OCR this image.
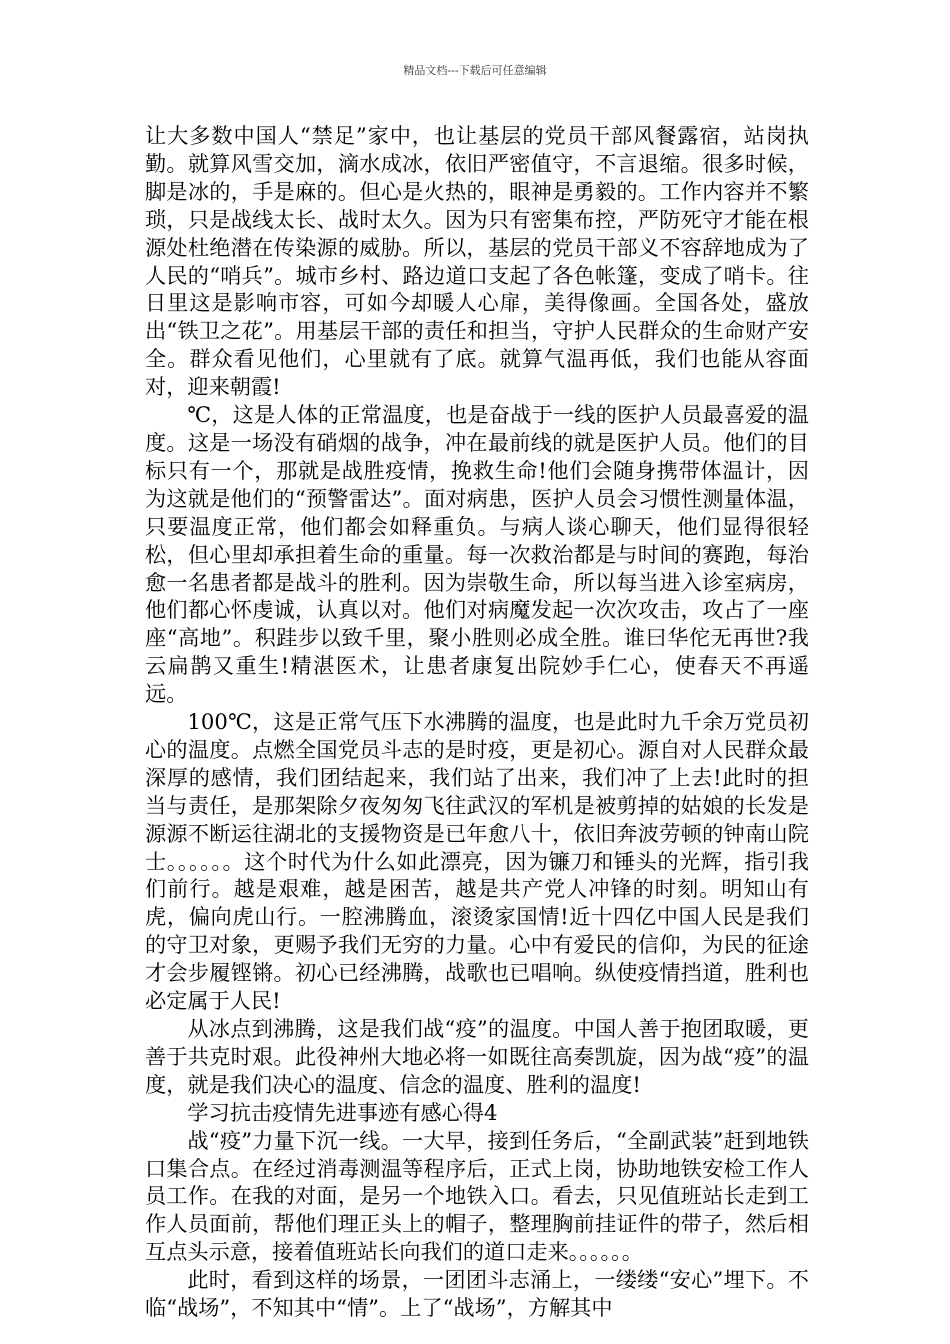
精品文档---下载后可任意编辑

让大多数中国人“禁足”家中，也让基层的党员干部风餐露宿，站岗执勤。就算风雪交加，滴水成冰，依旧严密值守，不言退缩。很多时候，脚是冰的，手是麻的。但心是火热的，眼神是勇毅的。工作内容并不繁琐，只是战线太长、战时太久。因为只有密集布控，严防死守才能在根源处杜绝潜在传染源的威胁。所以，基层的党员干部义不容辞地成为了人民的“哨兵”。城市乡村、路边道口支起了各色帐篷，变成了哨卡。往日里这是影响市容，可如今却暖人心扉，美得像画。全国各处，盛放出“铁卫之花”。用基层干部的责任和担当，守护人民群众的生命财产安全。群众看见他们，心里就有了底。就算气温再低，我们也能从容面对，迎来朝霞!

℃，这是人体的正常温度，也是奋战于一线的医护人员最喜爱的温度。这是一场没有硝烟的战争，冲在最前线的就是医护人员。他们的目标只有一个，那就是战胜疫情，挽救生命!他们会随身携带体温计，因为这就是他们的“预警雷达”。面对病患，医护人员会习惯性测量体温，只要温度正常，他们都会如释重负。与病人谈心聊天，他们显得很轻松，但心里却承担着生命的重量。每一次救治都是与时间的赛跑，每治愈一名患者都是战斗的胜利。因为崇敬生命，所以每当进入诊室病房，他们都心怀虔诚，认真以对。他们对病魔发起一次次攻击，攻占了一座座“高地”。积跬步以致千里，聚小胜则必成全胜。谁曰华佗无再世?我云扁鹊又重生!精湛医术，让患者康复出院妙手仁心，使春天不再遥远。

100℃，这是正常气压下水沸腾的温度，也是此时九千余万党员初心的温度。点燃全国党员斗志的是时疫，更是初心。源自对人民群众最深厚的感情，我们团结起来，我们站了出来，我们冲了上去!此时的担当与责任，是那架除夕夜匆匆飞往武汉的军机是被剪掉的姑娘的长发是源源不断运往湖北的支援物资是已年愈八十，依旧奔波劳顿的钟南山院士。。。。。。这个时代为什么如此漂亮，因为镰刀和锤头的光辉，指引我们前行。越是艰难，越是困苦，越是共产党人冲锋的时刻。明知山有虎，偏向虎山行。一腔沸腾血，滚烫家国情!近十四亿中国人民是我们的守卫对象，更赐予我们无穷的力量。心中有爱民的信仰，为民的征途才会步履铿锵。初心已经沸腾，战歌也已唱响。纵使疫情挡道，胜利也必定属于人民!

从冰点到沸腾，这是我们战“疫”的温度。中国人善于抱团取暖，更善于共克时艰。此役神州大地必将一如既往高奏凯旋，因为战“疫”的温度，就是我们决心的温度、信念的温度、胜利的温度!

学习抗击疫情先进事迹有感心得4

战“疫”力量下沉一线。一大早，接到任务后，“全副武装”赶到地铁口集合点。在经过消毒测温等程序后，正式上岗，协助地铁安检工作人员工作。在我的对面，是另一个地铁入口。看去，只见值班站长走到工作人员面前，帮他们理正头上的帽子，整理胸前挂证件的带子，然后相互点头示意，接着值班站长向我们的道口走来。。。。。。

此时，看到这样的场景，一团团斗志涌上，一缕缕“安心”埋下。不临“战场”，不知其中“情”。上了“战场”，方解其中
